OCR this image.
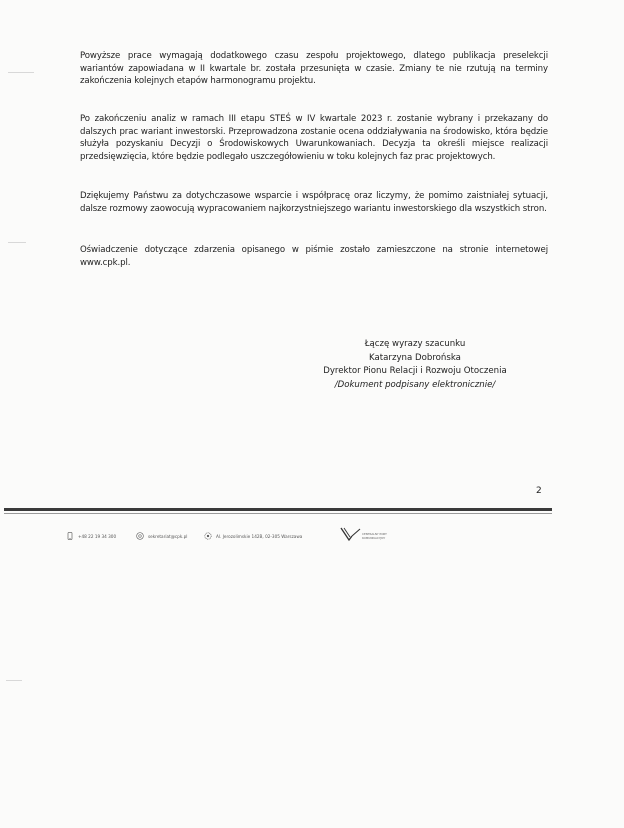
Powyższe prace wymagają dodatkowego czasu zespołu projektowego, dlatego publikacja preselekcji wariantów zapowiadana w II kwartale br. została przesunięta w czasie. Zmiany te nie rzutują na terminy zakończenia kolejnych etapów harmonogramu projektu.

Po zakończeniu analiz w ramach III etapu STEŚ w IV kwartale 2023 r. zostanie wybrany i przekazany do dalszych prac wariant inwestorski. Przeprowadzona zostanie ocena oddziaływania na środowisko, która będzie służyła pozyskaniu Decyzji o Środowiskowych Uwarunkowaniach. Decyzja ta określi miejsce realizacji przedsięwzięcia, które będzie podlegało uszczegółowieniu w toku kolejnych faz prac projektowych.

Dziękujemy Państwu za dotychczasowe wsparcie i współpracę oraz liczymy, że pomimo zaistniałej sytuacji, dalsze rozmowy zaowocują wypracowaniem najkorzystniejszego wariantu inwestorskiego dla wszystkich stron.

Oświadczenie dotyczące zdarzenia opisanego w piśmie zostało zamieszczone na stronie internetowej www.cpk.pl.

Łączę wyrazy szacunku
Katarzyna Dobrońska
Dyrektor Pionu Relacji i Rozwoju Otoczenia
/Dokument podpisany elektronicznie/
2
+48 22 19 34 300	sekretariat@cpk.pl	Al. Jerozolimskie 142B, 02-305 Warszawa	CENTRALNY PORT
KOMUNIKACYJNY
